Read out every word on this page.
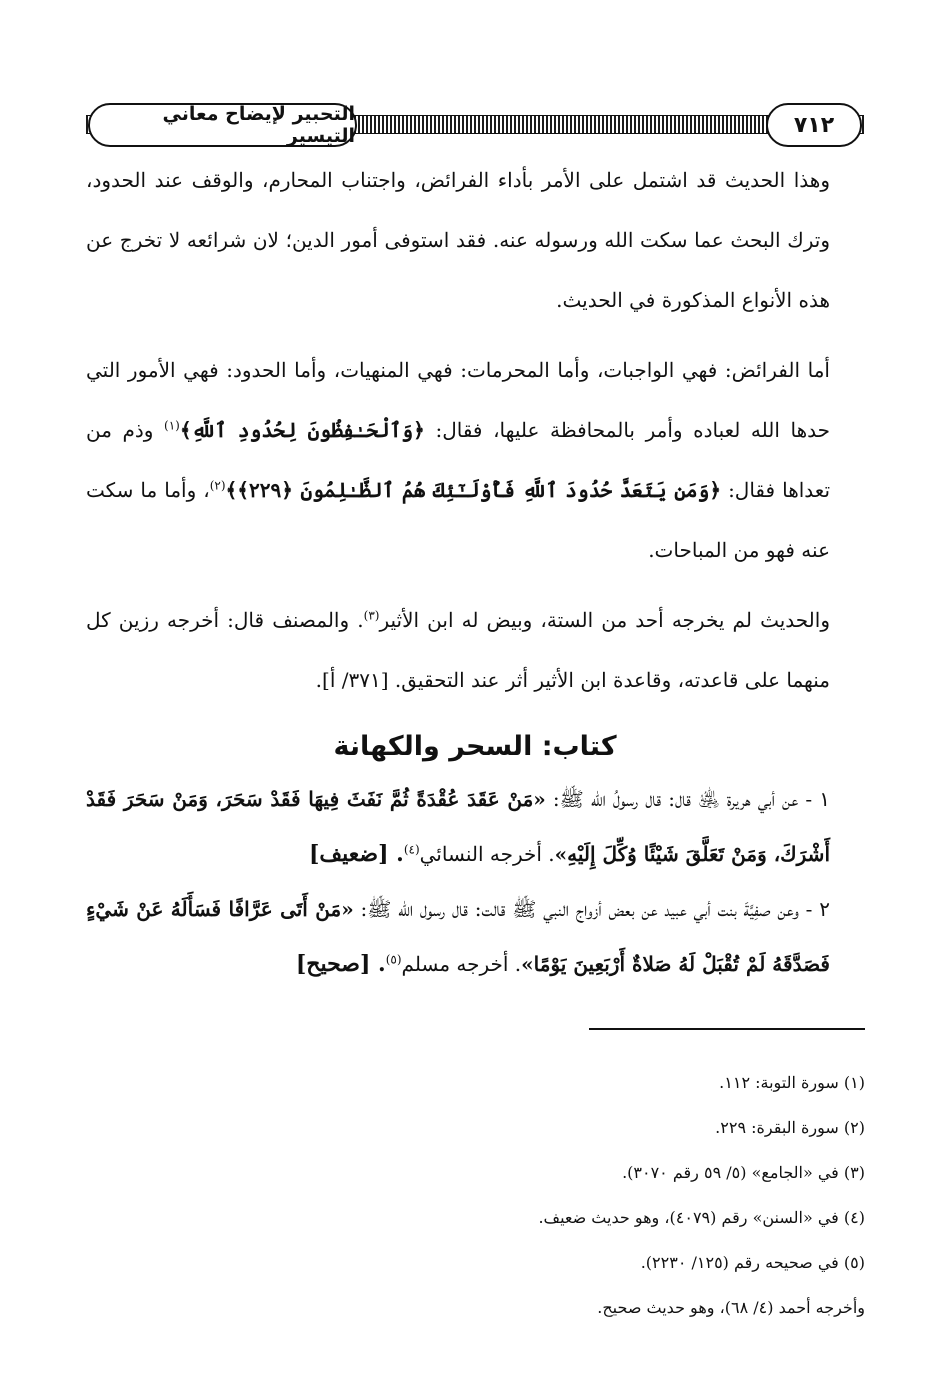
٧١٢
التحبير لإيضاح معاني التيسير

وهذا الحديث قد اشتمل على الأمر بأداء الفرائض، واجتناب المحارم، والوقف عند الحدود، وترك البحث عما سكت الله ورسوله عنه. فقد استوفى أمور الدين؛ لان شرائعه لا تخرج عن هذه الأنواع المذكورة في الحديث.

أما الفرائض: فهي الواجبات، وأما المحرمات: فهي المنهيات، وأما الحدود: فهي الأمور التي حدها الله لعباده وأمر بالمحافظة عليها، فقال: ﴿وَٱلْحَـٰفِظُونَ لِحُدُودِ ٱللَّهِ﴾$^{(١)}$ وذم من تعداها فقال: ﴿وَمَن يَتَعَدَّ حُدُودَ ٱللَّهِ فَأُوْلَـٰٓئِكَ هُمُ ٱلظَّـٰلِمُونَ ﴿٢٢٩﴾﴾$^{(٢)}$، وأما ما سكت عنه فهو من المباحات.

والحديث لم يخرجه أحد من الستة، وبيض له ابن الأثير$^{(٣)}$. والمصنف قال: أخرجه رزين كل منهما على قاعدته، وقاعدة ابن الأثير أثر عند التحقيق. [٣٧١/ أ].

كتاب: السحر والكهانة

١ - عن أبي هريرة ﵁ قال: قال رسولُ الله ﷺ: «مَنْ عَقَدَ عُقْدَةً ثُمَّ نَفَثَ فِيهَا فَقَدْ سَحَرَ، وَمَنْ سَحَرَ فَقَدْ أَشْرَكَ، وَمَنْ تَعَلَّقَ شَيْئًا وُكِّلَ إِلَيْهِ». أخرجه النسائي$^{(٤)}$. [ضعيف]

٢ - وعن صفِيَّةَ بنت أبي عبيد عن بعض أزواج النبي ﷺ قالت: قال رسول الله ﷺ: «مَنْ أَتَى عَرَّافًا فَسَأَلَهُ عَنْ شَيْءٍ فَصَدَّقَهُ لَمْ تُقْبَلْ لَهُ صَلاةٌ أَرْبَعِينَ يَوْمًا». أخرجه مسلم$^{(٥)}$. [صحيح]

(١) سورة التوبة: ١١٢.

(٢) سورة البقرة: ٢٢٩.

(٣) في «الجامع» (٥/ ٥٩ رقم ٣٠٧٠).

(٤) في «السنن» رقم (٤٠٧٩)، وهو حديث ضعيف.

(٥) في صحيحه رقم (١٢٥/ ٢٢٣٠).

وأخرجه أحمد (٤/ ٦٨)، وهو حديث صحيح.
